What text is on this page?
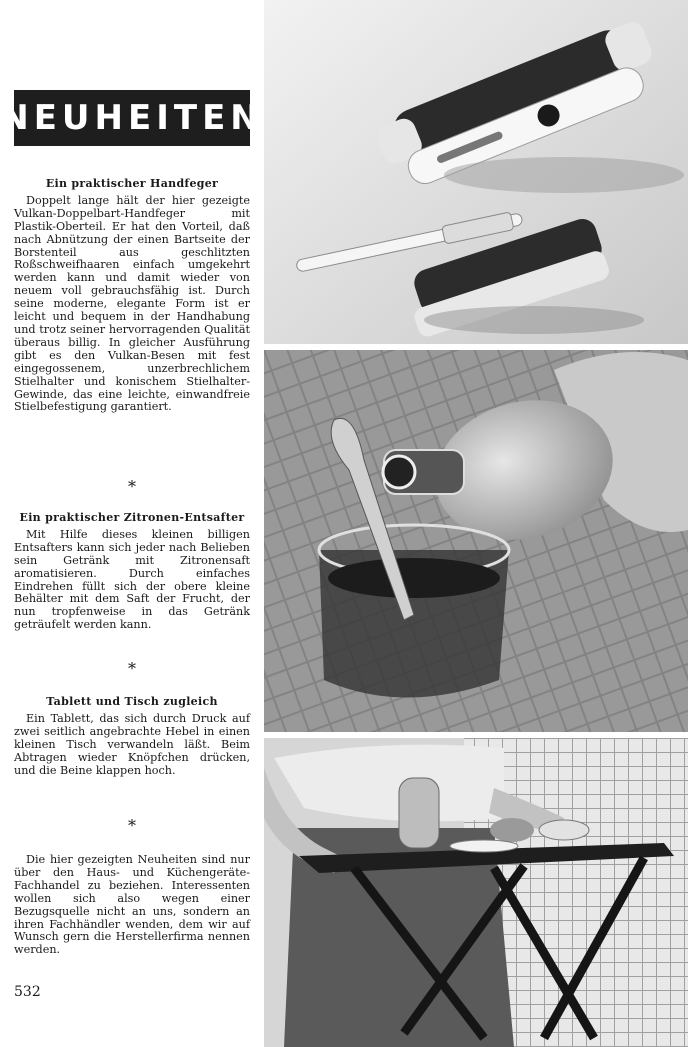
NEUHEITEN
Ein praktischer Handfeger

Doppelt lange hält der hier gezeigte Vulkan-Doppelbart-Handfeger mit Plastik-Oberteil. Er hat den Vorteil, daß nach Abnützung der einen Bartseite der Borstenteil aus geschlitzten Roßschweifhaaren einfach umgekehrt werden kann und damit wieder von neuem voll gebrauchsfähig ist. Durch seine moderne, elegante Form ist er leicht und bequem in der Handhabung und trotz seiner hervorragenden Qualität überaus billig. In gleicher Ausführung gibt es den Vulkan-Besen mit fest eingegossenem, unzerbrechlichem Stielhalter und konischem Stielhalter-Gewinde, das eine leichte, einwandfreie Stielbefestigung garantiert.

*
Ein praktischer Zitronen-Entsafter

Mit Hilfe dieses kleinen billigen Entsafters kann sich jeder nach Belieben sein Getränk mit Zitronensaft aromatisieren. Durch einfaches Eindrehen füllt sich der obere kleine Behälter mit dem Saft der Frucht, der nun tropfenweise in das Getränk geträufelt werden kann.

*
Tablett und Tisch zugleich

Ein Tablett, das sich durch Druck auf zwei seitlich angebrachte Hebel in einen kleinen Tisch verwandeln läßt. Beim Abtragen wieder Knöpfchen drücken, und die Beine klappen hoch.

*

Die hier gezeigten Neuheiten sind nur über den Haus- und Küchengeräte-Fachhandel zu beziehen. Interessenten wollen sich also wegen einer Bezugsquelle nicht an uns, sondern an ihren Fachhändler wenden, dem wir auf Wunsch gern die Herstellerfirma nennen werden.

532
